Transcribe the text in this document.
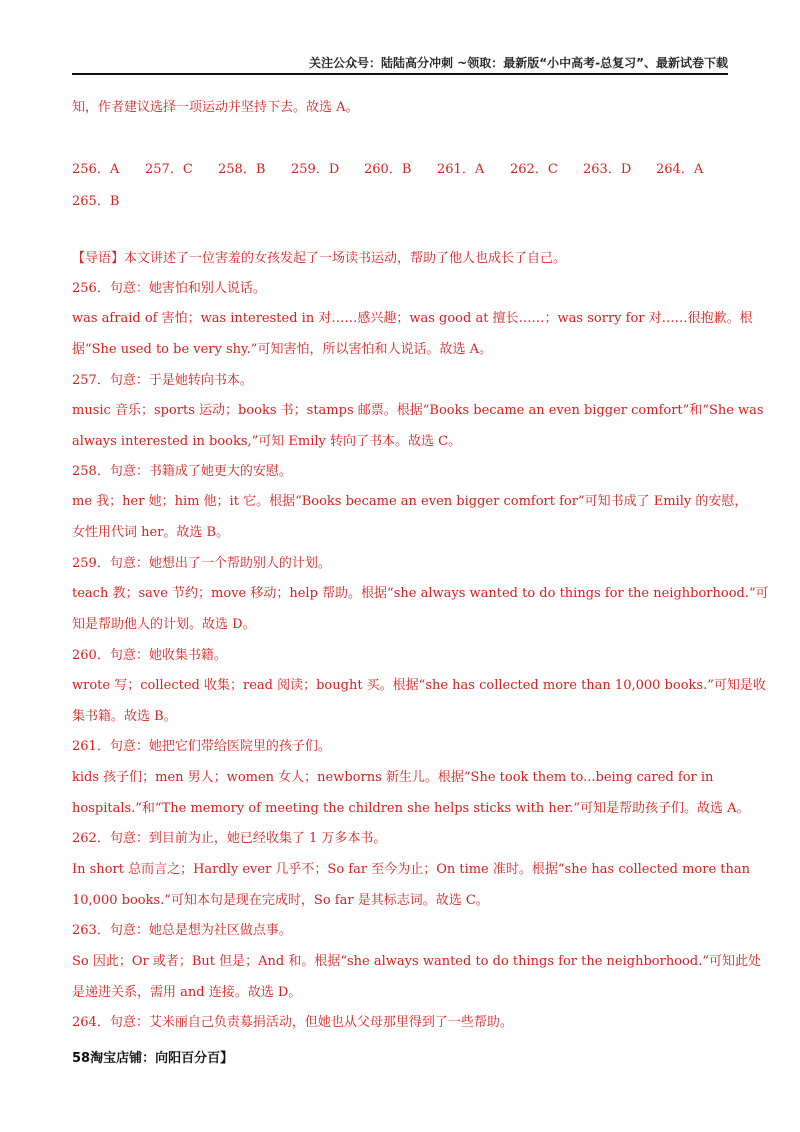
关注公众号：陆陆高分冲刺 ~领取：最新版“小中高考-总复习”、最新试卷下载
知，作者建议选择一项运动并坚持下去。故选 A。
256．A 257．C 258．B 259．D 260．B 261．A 262．C 263．D 264．A
265．B
【导语】本文讲述了一位害羞的女孩发起了一场读书运动，帮助了他人也成长了自己。
256．句意：她害怕和别人说话。
was afraid of 害怕；was interested in 对……感兴趣；was good at 擅长……；was sorry for 对……很抱歉。根
据“She used to be very shy.”可知害怕，所以害怕和人说话。故选 A。
257．句意：于是她转向书本。
music 音乐；sports 运动；books 书；stamps 邮票。根据“Books became an even bigger comfort”和“She was
always interested in books,”可知 Emily 转向了书本。故选 C。
258．句意：书籍成了她更大的安慰。
me 我；her 她；him 他；it 它。根据“Books became an even bigger comfort for”可知书成了 Emily 的安慰，
女性用代词 her。故选 B。
259．句意：她想出了一个帮助别人的计划。
teach 教；save 节约；move 移动；help 帮助。根据“she always wanted to do things for the neighborhood.”可
知是帮助他人的计划。故选 D。
260．句意：她收集书籍。
wrote 写；collected 收集；read 阅读；bought 买。根据“she has collected more than 10,000 books.”可知是收
集书籍。故选 B。
261．句意：她把它们带给医院里的孩子们。
kids 孩子们；men 男人；women 女人；newborns 新生儿。根据“She took them to...being cared for in
hospitals.”和“The memory of meeting the children she helps sticks with her.”可知是帮助孩子们。故选 A。
262．句意：到目前为止，她已经收集了 1 万多本书。
In short 总而言之；Hardly ever 几乎不；So far 至今为止；On time 准时。根据“she has collected more than
10,000 books.”可知本句是现在完成时，So far 是其标志词。故选 C。
263．句意：她总是想为社区做点事。
So 因此；Or 或者；But 但是；And 和。根据“she always wanted to do things for the neighborhood.”可知此处
是递进关系，需用 and 连接。故选 D。
264．句意：艾米丽自己负责募捐活动，但她也从父母那里得到了一些帮助。
58淘宝店铺：向阳百分百】
